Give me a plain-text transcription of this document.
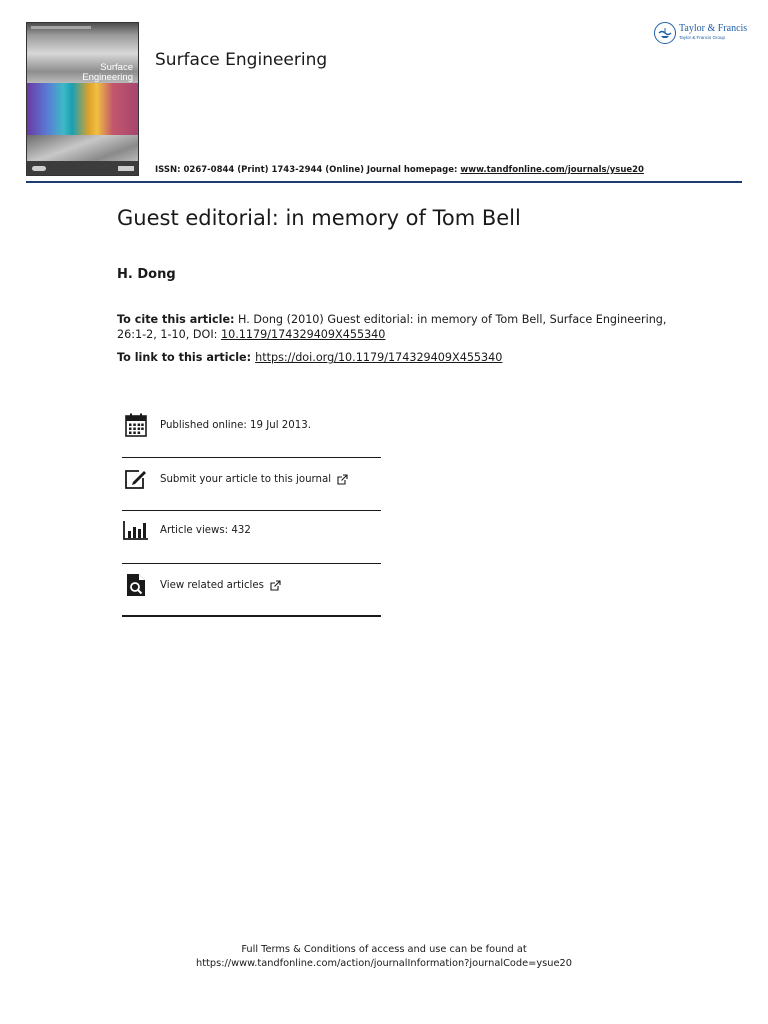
Surface
Engineering
Surface Engineering
ISSN: 0267-0844 (Print) 1743-2944 (Online) Journal homepage: www.tandfonline.com/journals/ysue20
Taylor & Francis
Taylor & Francis Group
Guest editorial: in memory of Tom Bell
H. Dong
To cite this article: H. Dong (2010) Guest editorial: in memory of Tom Bell, Surface Engineering, 26:1-2, 1-10, DOI: 10.1179/174329409X455340
To link to this article: https://doi.org/10.1179/174329409X455340
Published online: 19 Jul 2013.
Submit your article to this journal
Article views: 432
View related articles
Full Terms & Conditions of access and use can be found at
https://www.tandfonline.com/action/journalInformation?journalCode=ysue20
